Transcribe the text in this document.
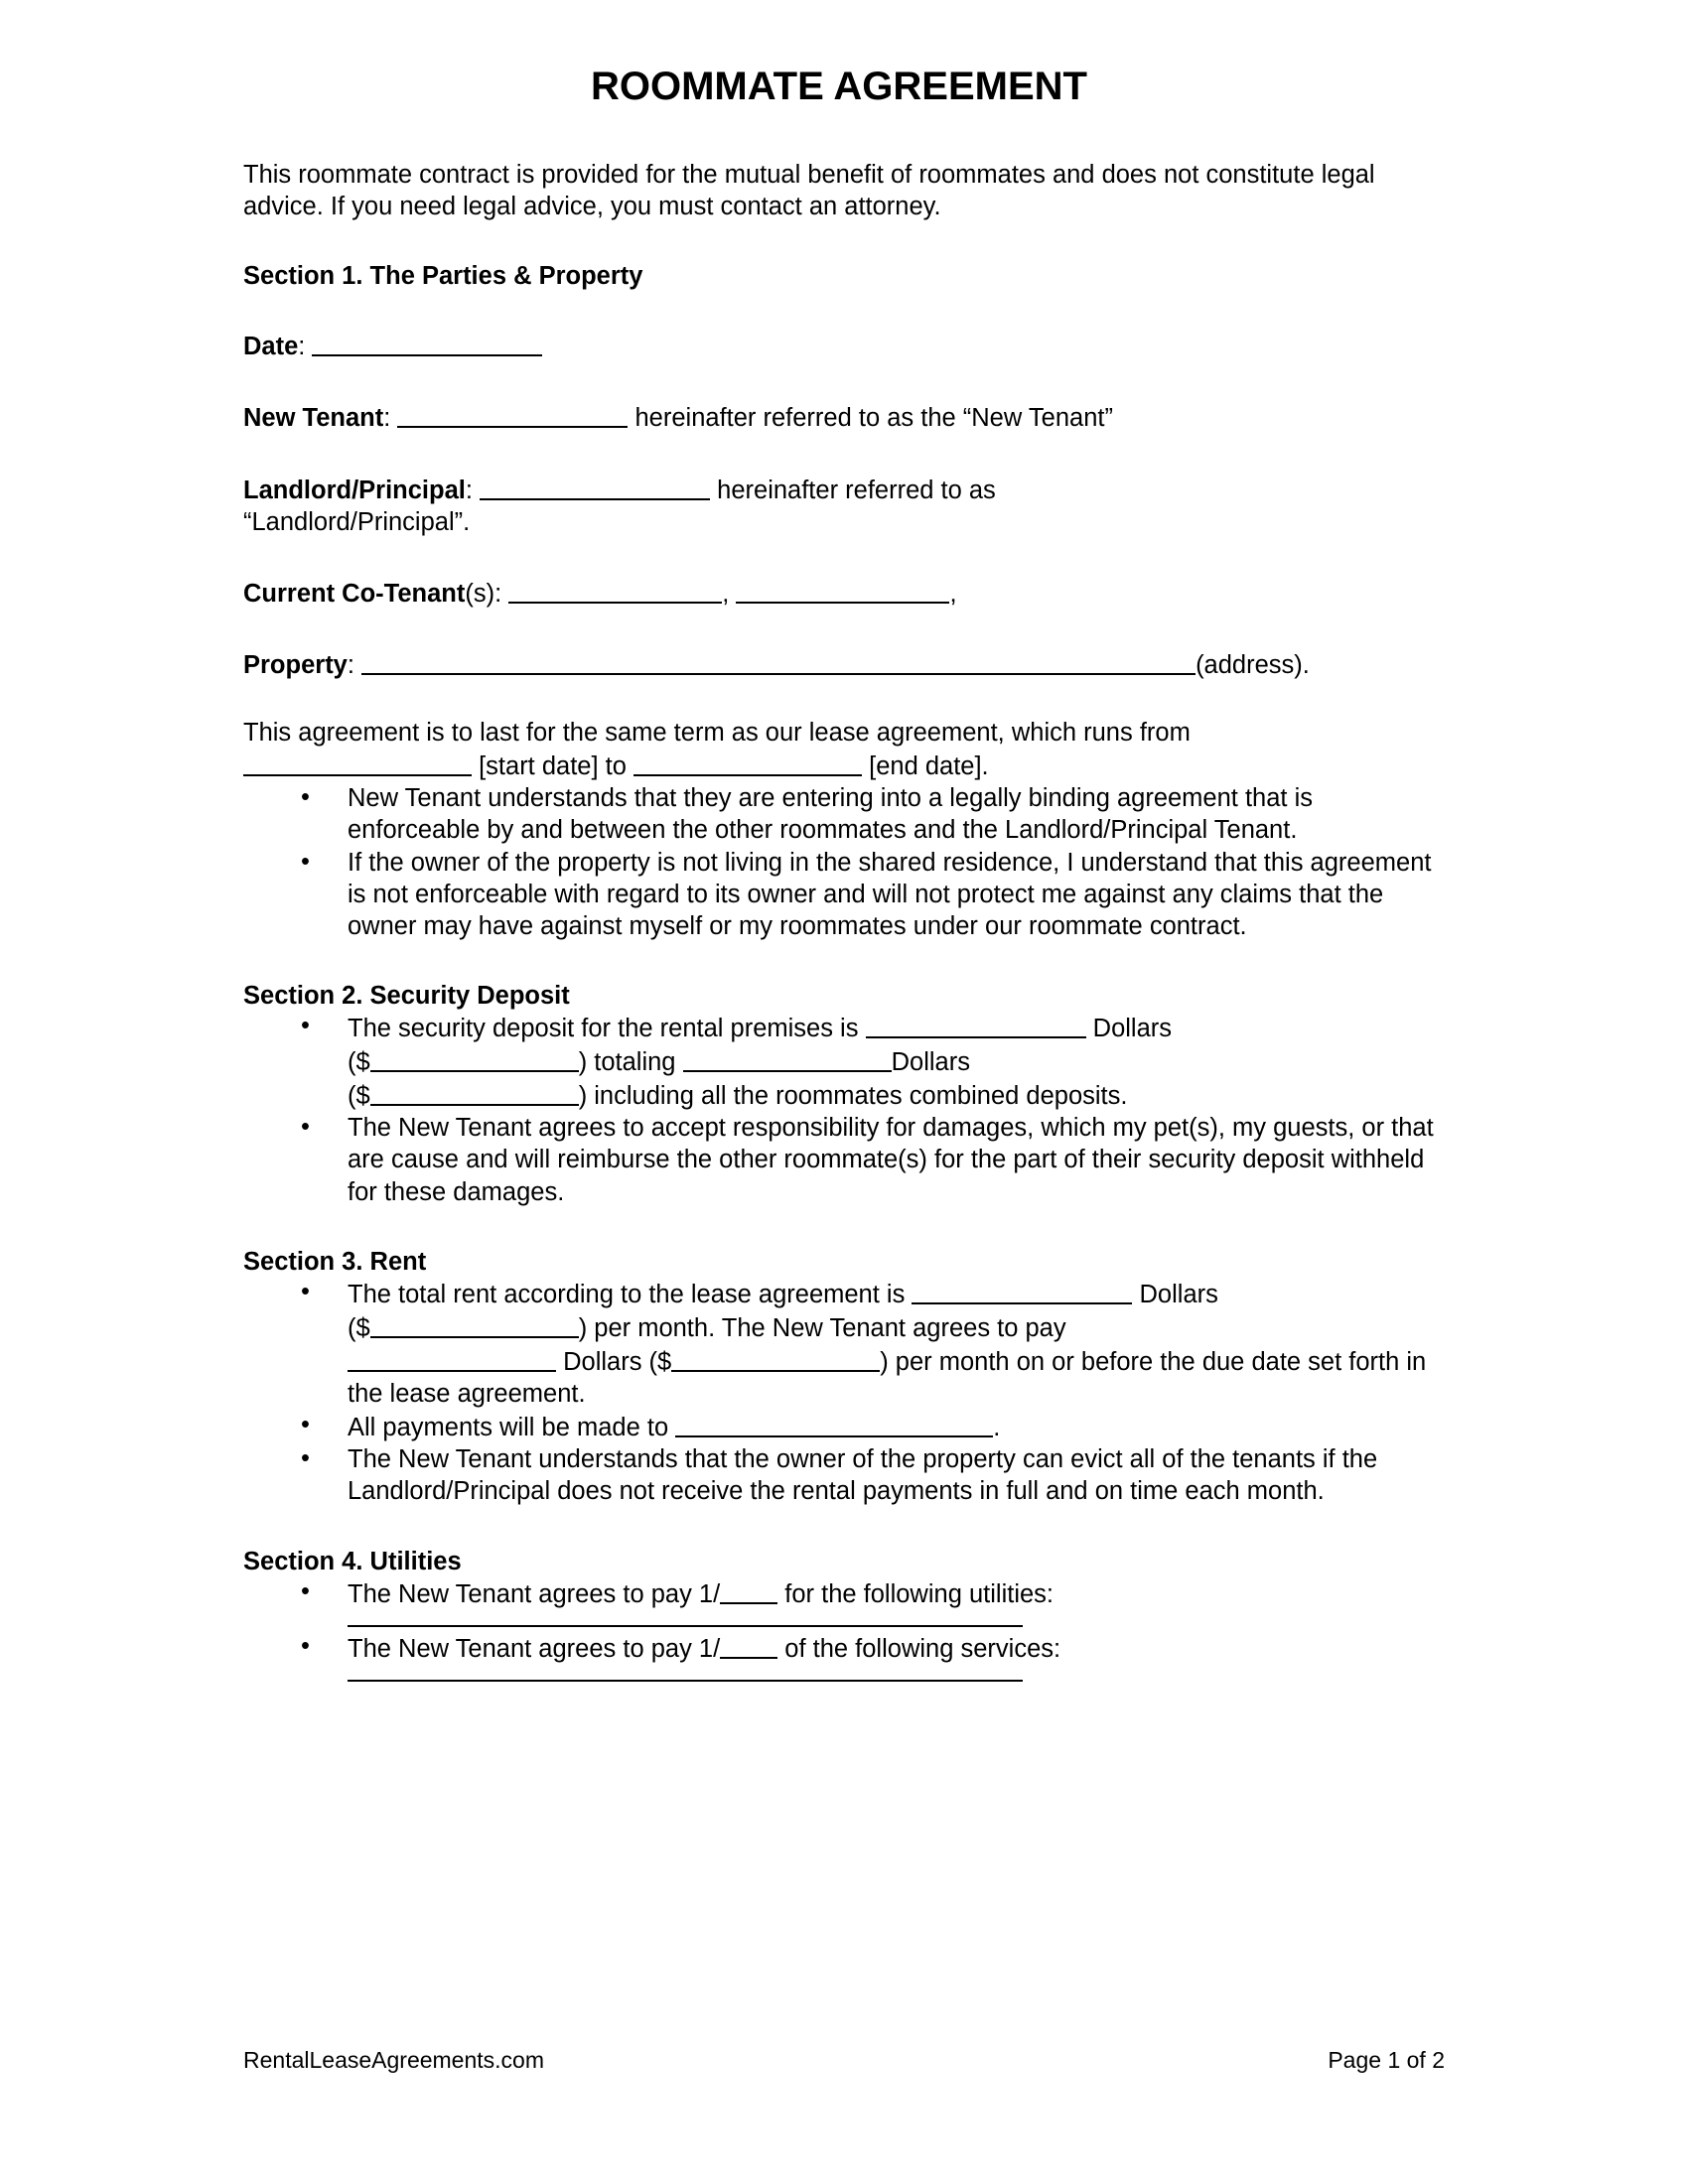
ROOMMATE AGREEMENT

This roommate contract is provided for the mutual benefit of roommates and does not constitute legal advice. If you need legal advice, you must contact an attorney.

Section 1. The Parties & Property
Date:
New Tenant:	hereinafter referred to as the “New Tenant”
Landlord/Principal:	hereinafter referred to as
“Landlord/Principal”.
Current Co-Tenant(s):	,	,
Property:	(address).

This agreement is to last for the same term as our lease agreement, which runs from
[start date] to	[end date].

• New Tenant understands that they are entering into a legally binding agreement that is enforceable by and between the other roommates and the Landlord/Principal Tenant.
• If the owner of the property is not living in the shared residence, I understand that this agreement is not enforceable with regard to its owner and will not protect me against any claims that the owner may have against myself or my roommates under our roommate contract.
Section 2. Security Deposit
• The security deposit for the rental premises is	Dollars
($	) totaling	Dollars
($	) including all the roommates combined deposits.
• The New Tenant agrees to accept responsibility for damages, which my pet(s), my guests, or that are cause and will reimburse the other roommate(s) for the part of their security deposit withheld for these damages.
Section 3. Rent
• The total rent according to the lease agreement is	Dollars
($	) per month. The New Tenant agrees to pay
Dollars ($	) per month on or before the due date set forth in the lease agreement.
• All payments will be made to	.
• The New Tenant understands that the owner of the property can evict all of the tenants if the Landlord/Principal does not receive the rental payments in full and on time each month.
Section 4. Utilities
• The New Tenant agrees to pay 1/	for the following utilities:
• The New Tenant agrees to pay 1/	of the following services:
RentalLeaseAgreements.com	Page 1 of 2
